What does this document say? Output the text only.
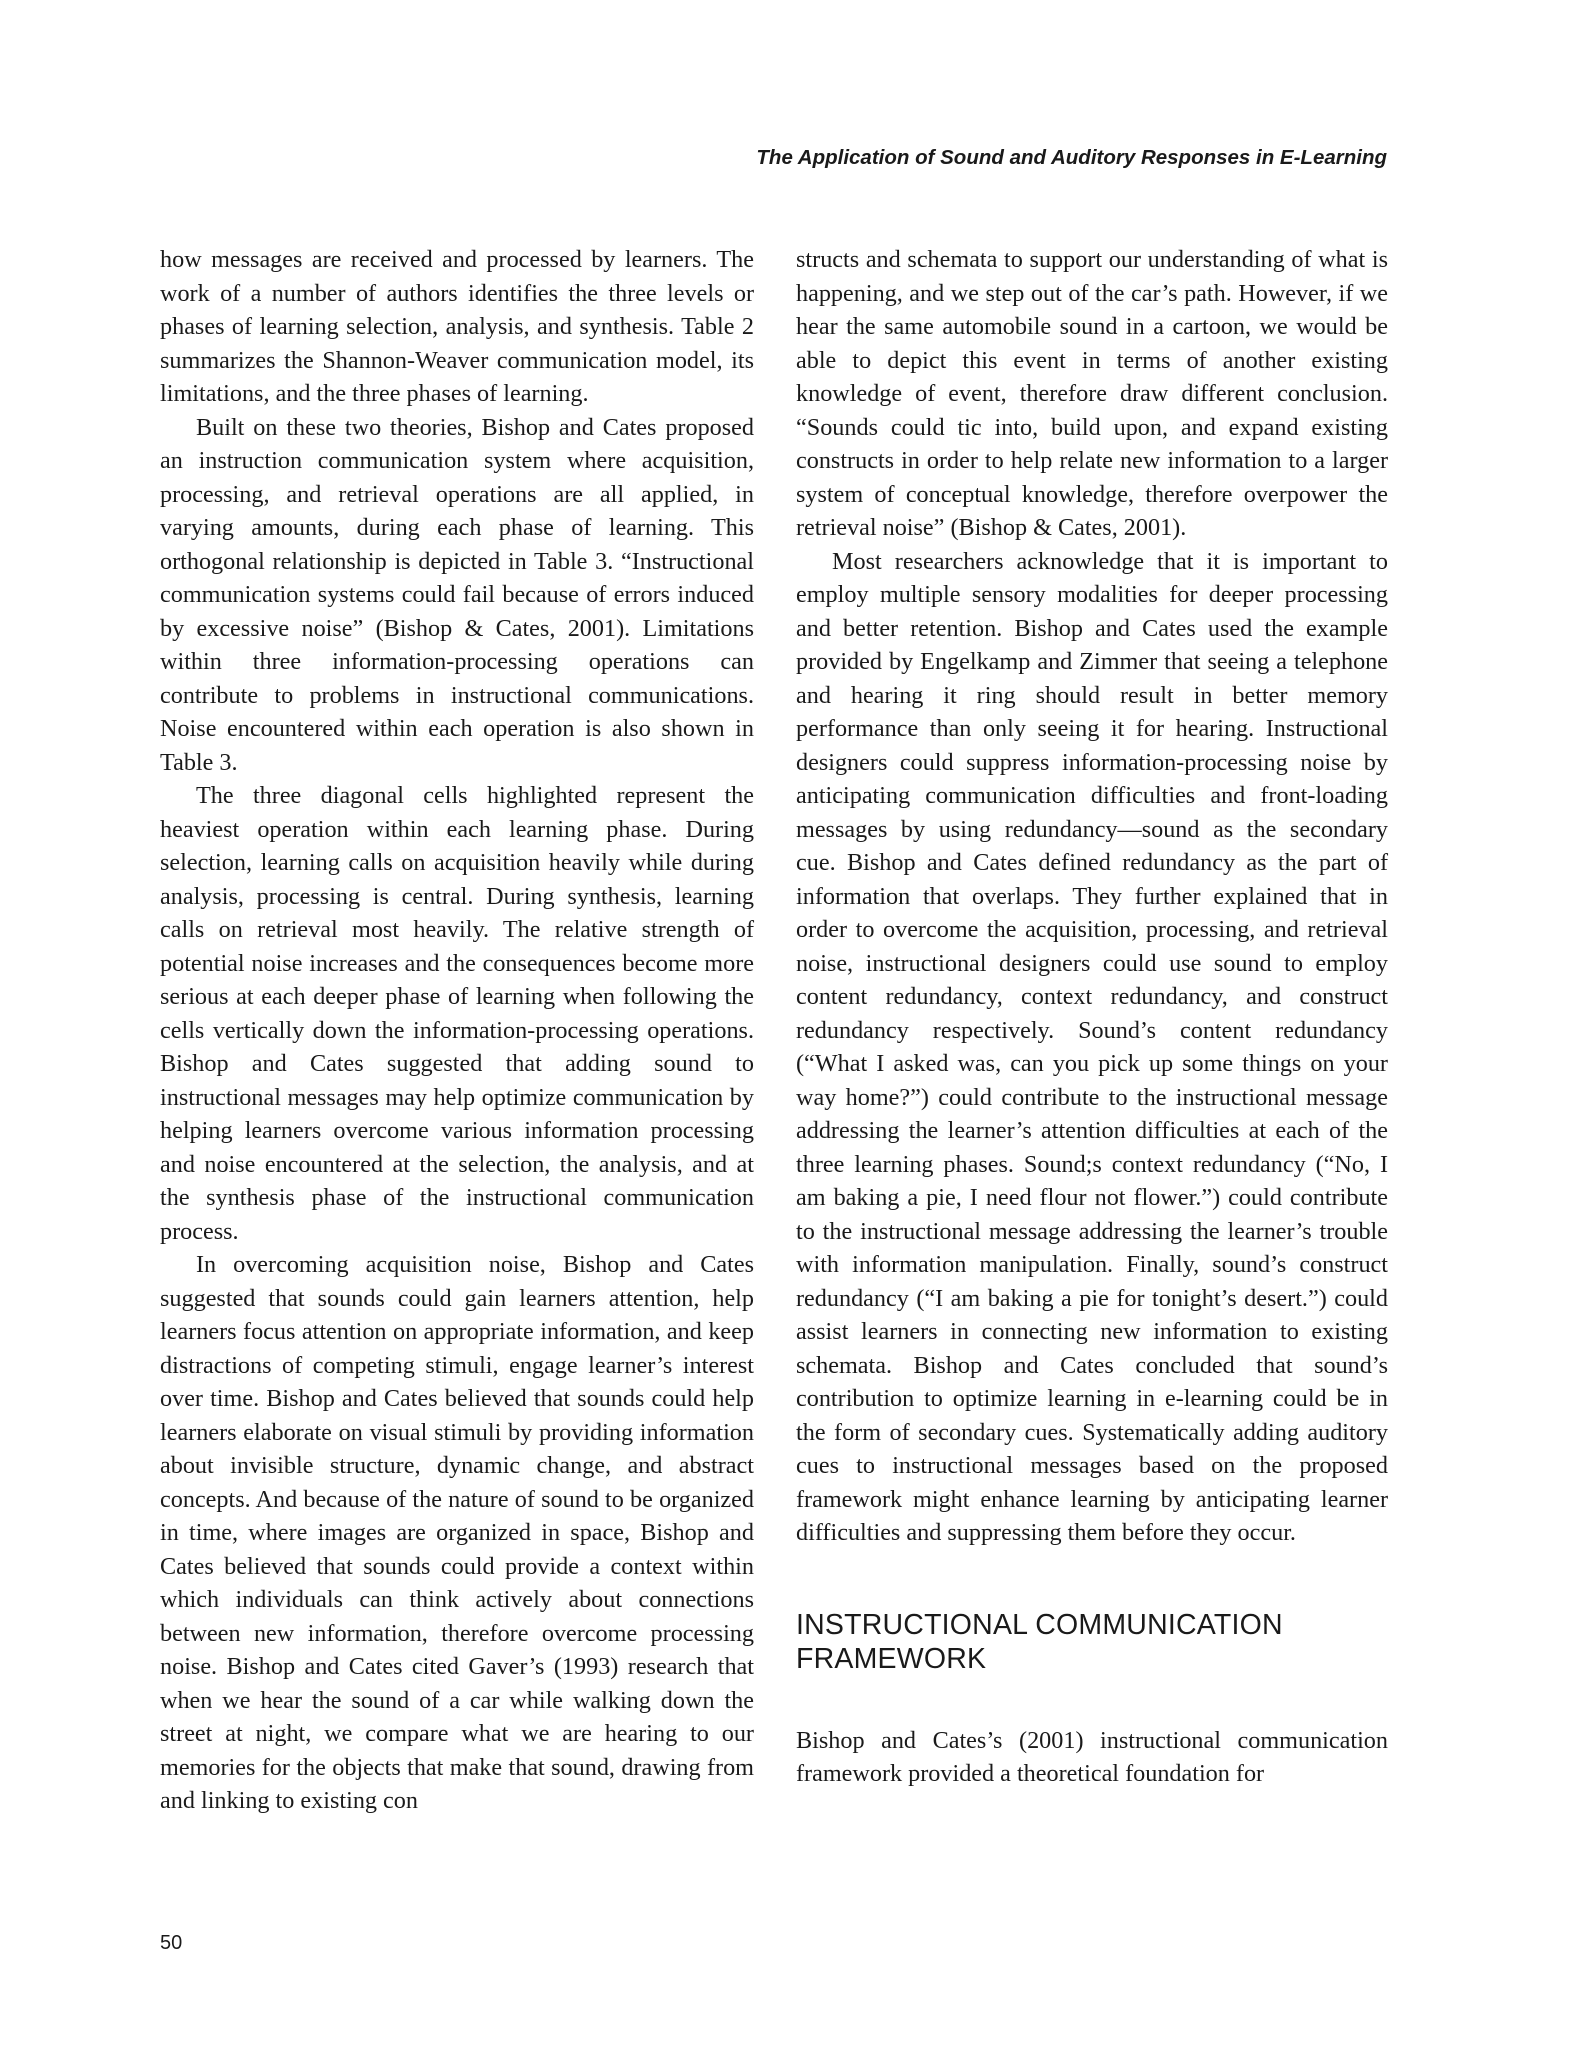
The Application of Sound and Auditory Responses in E-Learning

how messages are received and processed by learners. The work of a number of authors identifies the three levels or phases of learning selection, analysis, and synthesis. Table 2 summarizes the Shannon-Weaver communication model, its limitations, and the three phases of learning.

Built on these two theories, Bishop and Cates proposed an instruction communication system where acquisition, processing, and retrieval operations are all applied, in varying amounts, during each phase of learning. This orthogonal relationship is depicted in Table 3. “Instructional communication systems could fail because of errors induced by excessive noise” (Bishop & Cates, 2001). Limitations within three information-processing operations can contribute to problems in instructional communications. Noise encountered within each operation is also shown in Table 3.

The three diagonal cells highlighted represent the heaviest operation within each learning phase. During selection, learning calls on acquisition heavily while during analysis, processing is central. During synthesis, learning calls on retrieval most heavily. The relative strength of potential noise increases and the consequences become more serious at each deeper phase of learning when following the cells vertically down the information-processing operations. Bishop and Cates suggested that adding sound to instructional messages may help optimize communication by helping learners overcome various information processing and noise encountered at the selection, the analysis, and at the synthesis phase of the instructional communication process.

In overcoming acquisition noise, Bishop and Cates suggested that sounds could gain learners attention, help learners focus attention on appropriate information, and keep distractions of competing stimuli, engage learner’s interest over time. Bishop and Cates believed that sounds could help learners elaborate on visual stimuli by providing information about invisible structure, dynamic change, and abstract concepts. And because of the nature of sound to be organized in time, where images are organized in space, Bishop and Cates believed that sounds could provide a context within which individuals can think actively about connections between new information, therefore overcome processing noise. Bishop and Cates cited Gaver’s (1993) research that when we hear the sound of a car while walking down the street at night, we compare what we are hearing to our memories for the objects that make that sound, drawing from and linking to existing con

structs and schemata to support our understanding of what is happening, and we step out of the car’s path. However, if we hear the same automobile sound in a cartoon, we would be able to depict this event in terms of another existing knowledge of event, therefore draw different conclusion. “Sounds could tic into, build upon, and expand existing constructs in order to help relate new information to a larger system of conceptual knowledge, therefore overpower the retrieval noise” (Bishop & Cates, 2001).

Most researchers acknowledge that it is important to employ multiple sensory modalities for deeper processing and better retention. Bishop and Cates used the example provided by Engelkamp and Zimmer that seeing a telephone and hearing it ring should result in better memory performance than only seeing it for hearing. Instructional designers could suppress information-processing noise by anticipating communication difficulties and front-loading messages by using redundancy—sound as the secondary cue. Bishop and Cates defined redundancy as the part of information that overlaps. They further explained that in order to overcome the acquisition, processing, and retrieval noise, instructional designers could use sound to employ content redundancy, context redundancy, and construct redundancy respectively. Sound’s content redundancy (“What I asked was, can you pick up some things on your way home?”) could contribute to the instructional message addressing the learner’s attention difficulties at each of the three learning phases. Sound;s context redundancy (“No, I am baking a pie, I need flour not flower.”) could contribute to the instructional message addressing the learner’s trouble with information manipulation. Finally, sound’s construct redundancy (“I am baking a pie for tonight’s desert.”) could assist learners in connecting new information to existing schemata. Bishop and Cates concluded that sound’s contribution to optimize learning in e-learning could be in the form of secondary cues. Systematically adding auditory cues to instructional messages based on the proposed framework might enhance learning by anticipating learner difficulties and suppressing them before they occur.

INSTRUCTIONAL COMMUNICATION FRAMEWORK

Bishop and Cates’s (2001) instructional communication framework provided a theoretical foundation for

50
